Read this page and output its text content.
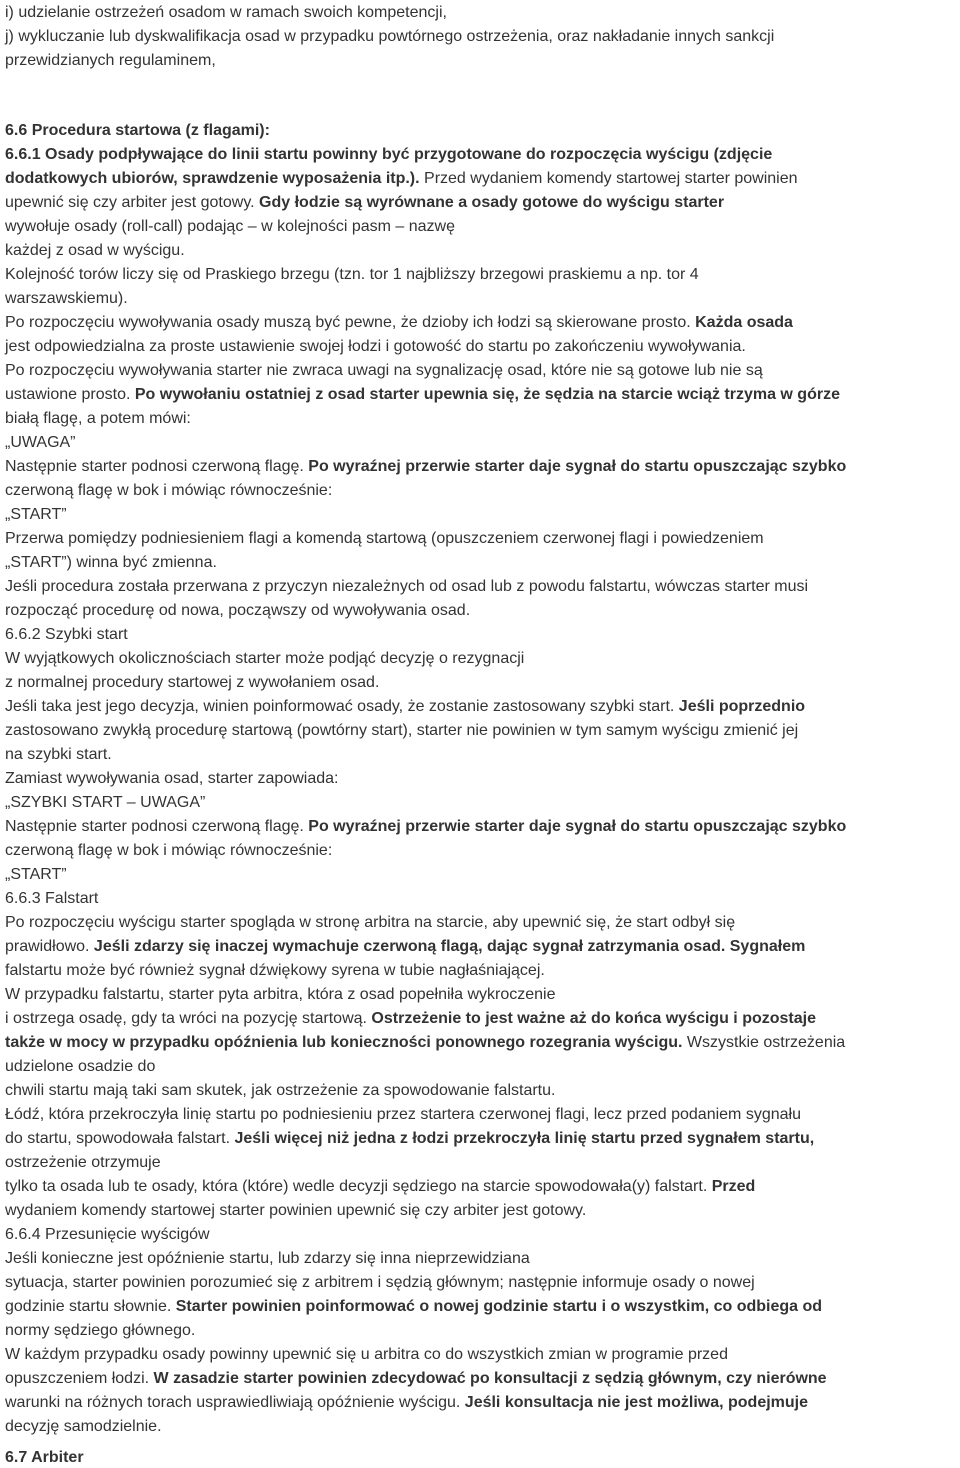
i) udzielanie ostrzeżeń osadom w ramach swoich kompetencji,

j) wykluczanie lub dyskwalifikacja osad w przypadku powtórnego ostrzeżenia, oraz nakładanie innych sankcji

przewidzianych regulaminem,

6.6 Procedura startowa (z flagami):

6.6.1 Osady podpływające do linii startu powinny być przygotowane do rozpoczęcia wyścigu (zdjęcie

dodatkowych ubiorów, sprawdzenie wyposażenia itp.). Przed wydaniem komendy startowej starter powinien

upewnić się czy arbiter jest gotowy. Gdy łodzie są wyrównane a osady gotowe do wyścigu starter

wywołuje osady (roll-call) podając – w kolejności pasm – nazwę

każdej z osad w wyścigu.

Kolejność torów liczy się od Praskiego brzegu (tzn. tor 1 najbliższy brzegowi praskiemu a np. tor 4

warszawskiemu).

Po rozpoczęciu wywoływania osady muszą być pewne, że dzioby ich łodzi są skierowane prosto. Każda osada

jest odpowiedzialna za proste ustawienie swojej łodzi i gotowość do startu po zakończeniu wywoływania.

Po rozpoczęciu wywoływania starter nie zwraca uwagi na sygnalizację osad, które nie są gotowe lub nie są

ustawione prosto. Po wywołaniu ostatniej z osad starter upewnia się, że sędzia na starcie wciąż trzyma w górze

białą flagę, a potem mówi:

„UWAGA”

Następnie starter podnosi czerwoną flagę. Po wyraźnej przerwie starter daje sygnał do startu opuszczając szybko

czerwoną flagę w bok i mówiąc równocześnie:

„START”

Przerwa pomiędzy podniesieniem flagi a komendą startową (opuszczeniem czerwonej flagi i powiedzeniem

„START”) winna być zmienna.

Jeśli procedura została przerwana z przyczyn niezależnych od osad lub z powodu falstartu, wówczas starter musi

rozpocząć procedurę od nowa, począwszy od wywoływania osad.

6.6.2 Szybki start

W wyjątkowych okolicznościach starter może podjąć decyzję o rezygnacji

z normalnej procedury startowej z wywołaniem osad.

Jeśli taka jest jego decyzja, winien poinformować osady, że zostanie zastosowany szybki start. Jeśli poprzednio

zastosowano zwykłą procedurę startową (powtórny start), starter nie powinien w tym samym wyścigu zmienić jej

na szybki start.

Zamiast wywoływania osad, starter zapowiada:

„SZYBKI START – UWAGA”

Następnie starter podnosi czerwoną flagę. Po wyraźnej przerwie starter daje sygnał do startu opuszczając szybko

czerwoną flagę w bok i mówiąc równocześnie:

„START”

6.6.3 Falstart

Po rozpoczęciu wyścigu starter spogląda w stronę arbitra na starcie, aby upewnić się, że start odbył się

prawidłowo. Jeśli zdarzy się inaczej wymachuje czerwoną flagą, dając sygnał zatrzymania osad. Sygnałem

falstartu może być również sygnał dźwiękowy syrena w tubie nagłaśniającej.

W przypadku falstartu, starter pyta arbitra, która z osad popełniła wykroczenie

i ostrzega osadę, gdy ta wróci na pozycję startową. Ostrzeżenie to jest ważne aż do końca wyścigu i pozostaje

także w mocy w przypadku opóźnienia lub konieczności ponownego rozegrania wyścigu. Wszystkie ostrzeżenia

udzielone osadzie do

chwili startu mają taki sam skutek, jak ostrzeżenie za spowodowanie falstartu.

Łódź, która przekroczyła linię startu po podniesieniu przez startera czerwonej flagi, lecz przed podaniem sygnału

do startu, spowodowała falstart. Jeśli więcej niż jedna z łodzi przekroczyła linię startu przed sygnałem startu,

ostrzeżenie otrzymuje

tylko ta osada lub te osady, która (które) wedle decyzji sędziego na starcie spowodowała(y) falstart. Przed

wydaniem komendy startowej starter powinien upewnić się czy arbiter jest gotowy.

6.6.4 Przesunięcie wyścigów

Jeśli konieczne jest opóźnienie startu, lub zdarzy się inna nieprzewidziana

sytuacja, starter powinien porozumieć się z arbitrem i sędzią głównym; następnie informuje osady o nowej

godzinie startu słownie. Starter powinien poinformować o nowej godzinie startu i o wszystkim, co odbiega od

normy sędziego głównego.

W każdym przypadku osady powinny upewnić się u arbitra co do wszystkich zmian w programie przed

opuszczeniem łodzi. W zasadzie starter powinien zdecydować po konsultacji z sędzią głównym, czy nierówne

warunki na różnych torach usprawiedliwiają opóźnienie wyścigu. Jeśli konsultacja nie jest możliwa, podejmuje

decyzję samodzielnie.

6.7 Arbiter
